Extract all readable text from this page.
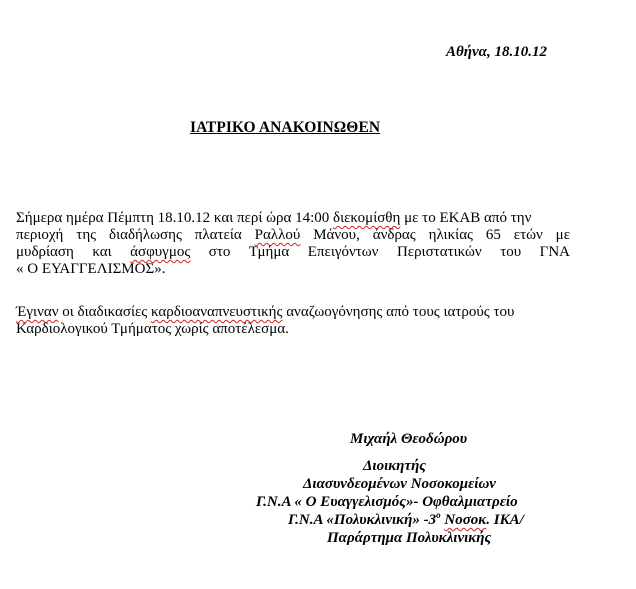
Αθήνα, 18.10.12
ΙΑΤΡΙΚΟ ΑΝΑΚΟΙΝΩΘΕΝ
Σήμερα ημέρα Πέμπτη 18.10.12 και περί ώρα 14:00 διεκομίσθη με το ΕΚΑΒ από την
περιοχή της διαδήλωσης πλατεία Ραλλού Μάνου, άνδρας ηλικίας 65 ετών με
μυδρίαση και άσφυγμος στο Τμήμα Επειγόντων Περιστατικών του ΓΝΑ
« Ο ΕΥΑΓΓΕΛΙΣΜΟΣ».
Έγιναν οι διαδικασίες καρδιοαναπνευστικής αναζωογόνησης από τους ιατρούς του
Καρδιολογικού Τμήματος χωρίς αποτέλεσμα.
Μιχαήλ Θεοδώρου
Διοικητής
Διασυνδεομένων Νοσοκομείων
Γ.Ν.Α « Ο Ευαγγελισμός»- Οφθαλμιατρείο
Γ.Ν.Α «Πολυκλινική» $-3^o$ Νοσοκ. ΙΚΑ/
Παράρτημα Πολυκλινικής
